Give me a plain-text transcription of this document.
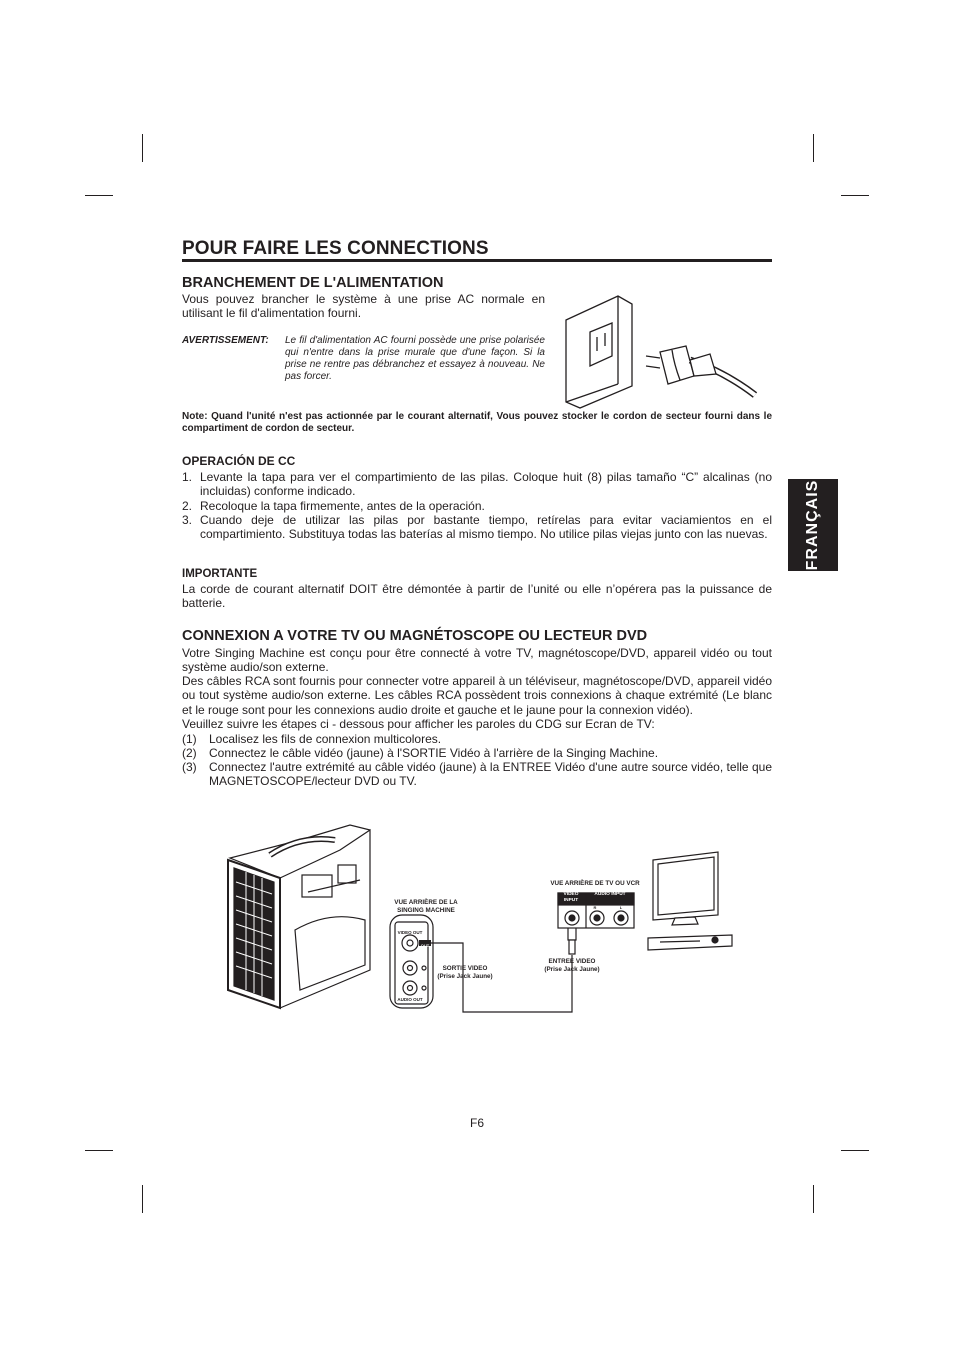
POUR FAIRE LES CONNECTIONS
FRANÇAIS
BRANCHEMENT DE L'ALIMENTATION
Vous pouvez brancher le système à une prise AC normale en utilisant le fil d'alimentation fourni.
AVERTISSEMENT: Le fil d'alimentation AC fourni possède une prise polarisée qui n'entre dans la prise murale que d'une façon. Si la prise ne rentre pas débranchez et essayez à nouveau. Ne pas forcer.
Note: Quand l'unité n'est pas actionnée par le courant alternatif, Vous pouvez stocker le cordon de secteur fourni dans le compartiment de cordon de secteur.
OPERACIÓN DE CC
1. Levante la tapa para ver el compartimiento de las pilas. Coloque huit (8) pilas tamaño “C” alcalinas (no incluidas) conforme indicado.
2. Recoloque la tapa firmemente, antes de la operación.
3. Cuando deje de utilizar las pilas por bastante tiempo, retírelas para evitar vaciamientos en el compartimiento. Substituya todas las baterías al mismo tiempo. No utilice pilas viejas junto con las nuevas.
IMPORTANTE
La corde de courant alternatif DOIT être démontée à partir de l’unité ou elle n’opérera pas la puissance de batterie.
CONNEXION A VOTRE TV OU MAGNÉTOSCOPE OU LECTEUR DVD
Votre Singing Machine est conçu pour être connecté à votre TV, magnétoscope/DVD, appareil vidéo ou tout système audio/son externe.
Des câbles RCA sont fournis pour connecter votre appareil à un téléviseur, magnétoscope/DVD, appareil vidéo ou tout système audio/son externe. Les câbles RCA possèdent trois connexions à chaque extrémité (Le blanc et le rouge sont pour les connexions audio droite et gauche et le jaune pour la connexion vidéo).
Veuillez suivre les étapes ci - dessous pour afficher les paroles du CDG sur Ecran de TV:
(1)	Localisez les fils de connexion multicolores.
(2)	Connectez le câble vidéo (jaune) à l'SORTIE Vidéo à l'arrière de la Singing Machine.
(3)	Connectez l'autre extrémité au câble vidéo (jaune) à la ENTREE Vidéo d'une autre source vidéo, telle que MAGNETOSCOPE/lecteur DVD ou TV.
VUE ARRIÈRE DE LA SINGING MACHINE
VIDEO OUT
AUDIO OUT
OUT
SORTIE VIDEO
(Prise Jack Jaune)
VUE ARRIÈRE DE TV OU VCR
VIDEO INPUT
AUDIO INPUT
R	L
ENTREE VIDEO
(Prise Jack Jaune)
F6
